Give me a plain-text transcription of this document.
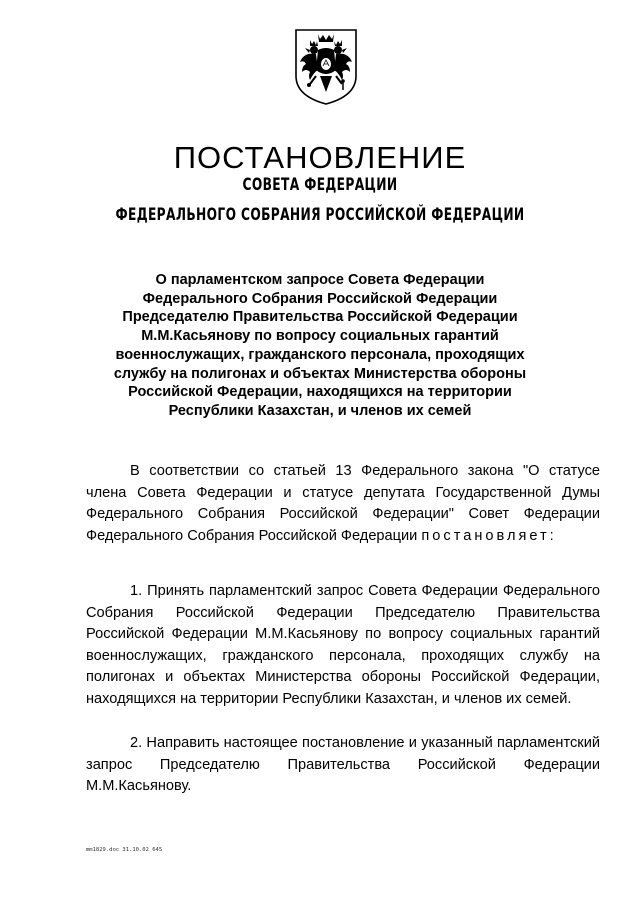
ПОСТАНОВЛЕНИЕ
СОВЕТА ФЕДЕРАЦИИ
ФЕДЕРАЛЬНОГО СОБРАНИЯ РОССИЙСКОЙ ФЕДЕРАЦИИ
О парламентском запросе Совета Федерации
Федерального Собрания Российской Федерации
Председателю Правительства Российской Федерации
М.М.Касьянову по вопросу социальных гарантий
военнослужащих, гражданского персонала, проходящих
службу на полигонах и объектах Министерства обороны
Российской Федерации, находящихся на территории
Республики Казахстан, и членов их семей

В соответствии со статьей 13 Федерального закона "О статусе члена Совета Федерации и статусе депутата Государственной Думы Федерального Собрания Российской Федерации" Совет Федерации Федерального Собрания Российской Федерации постановляет:

1. Принять парламентский запрос Совета Федерации Федерального Собрания Российской Федерации Председателю Правительства Российской Федерации М.М.Касьянову по вопросу социальных гарантий военнослужащих, гражданского персонала, проходящих службу на полигонах и объектах Министерства обороны Российской Федерации, находящихся на территории Республики Казахстан, и членов их семей.

2. Направить настоящее постановление и указанный парламентский запрос Председателю Правительства Российской Федерации М.М.Касьянову.

mm1829.doc 31.10.02 645
